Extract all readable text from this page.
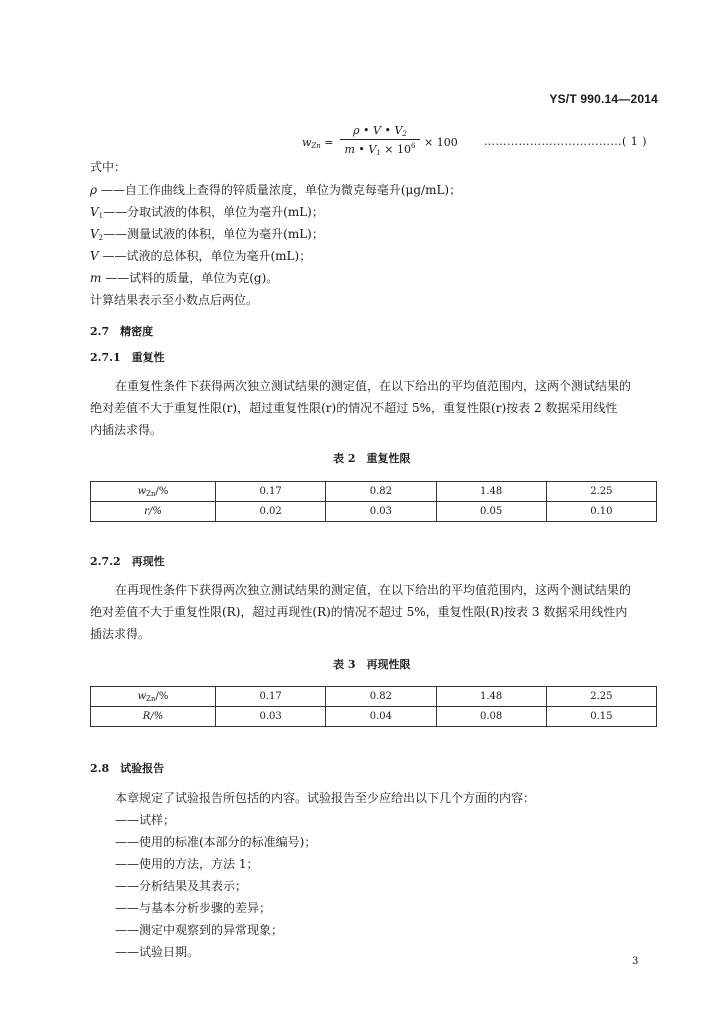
YS/T 990.14—2014
$w_{Zn}$ =
ρ • V • $V_2$
m • $V_1 \times 10^6 \times 100$ ………………………………( 1 )
式中：
ρ ——自工作曲线上查得的锌质量浓度，单位为微克每毫升(μg/mL)；
$V_1——$分取试液的体积，单位为毫升(mL)；
$V_2——$测量试液的体积，单位为毫升(mL)；
V ——试液的总体积，单位为毫升(mL)；
m ——试料的质量，单位为克(g)。
计算结果表示至小数点后两位。
2.7　 精密度
2.7.1　 重复性
在重复性条件下获得两次独立测试结果的测定值，在以下给出的平均值范围内，这两个测试结果的
绝对差值不大于重复性限(r)，超过重复性限(r)的情况不超过 5%，重复性限(r)按表 2 数据采用线性
内插法求得。
表 2　重复性限
$w_{Zn}/\%$	0.17	0.82	1.48	2.25
r/%	0.02	0.03	0.05	0.10
2.7.2　 再现性
在再现性条件下获得两次独立测试结果的测定值，在以下给出的平均值范围内，这两个测试结果的
绝对差值不大于重复性限(R)，超过再现性(R)的情况不超过 5%，重复性限(R)按表 3 数据采用线性内
插法求得。
表 3　再现性限
$w_{Zn}/\%$	0.17	0.82	1.48	2.25
R/%	0.03	0.04	0.08	0.15
2.8　 试验报告
本章规定了试验报告所包括的内容。试验报告至少应给出以下几个方面的内容：
——试样；
——使用的标准(本部分的标准编号)；
——使用的方法，方法 1；
——分析结果及其表示；
——与基本分析步骤的差异；
——测定中观察到的异常现象；
——试验日期。
3
